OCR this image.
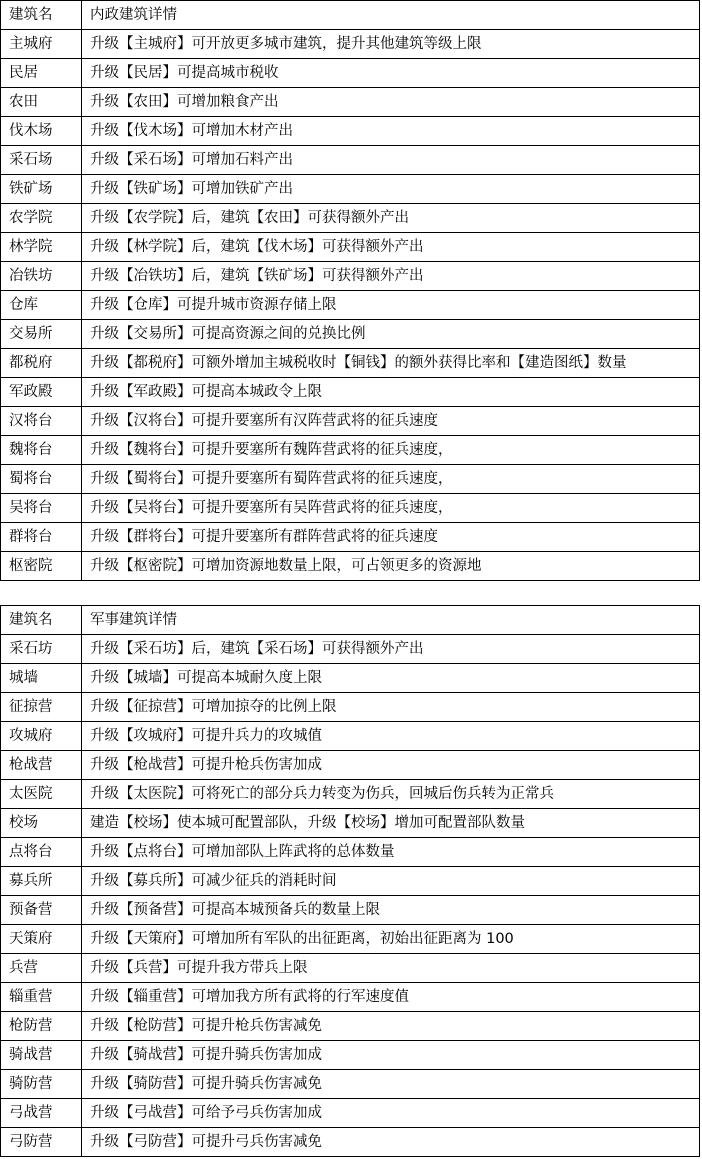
建筑名	内政建筑详情
主城府	升级【主城府】可开放更多城市建筑，提升其他建筑等级上限
民居	升级【民居】可提高城市税收
农田	升级【农田】可增加粮食产出
伐木场	升级【伐木场】可增加木材产出
采石场	升级【采石场】可增加石料产出
铁矿场	升级【铁矿场】可增加铁矿产出
农学院	升级【农学院】后，建筑【农田】可获得额外产出
林学院	升级【林学院】后，建筑【伐木场】可获得额外产出
冶铁坊	升级【冶铁坊】后，建筑【铁矿场】可获得额外产出
仓库	升级【仓库】可提升城市资源存储上限
交易所	升级【交易所】可提高资源之间的兑换比例
都税府	升级【都税府】可额外增加主城税收时【铜钱】的额外获得比率和【建造图纸】数量
军政殿	升级【军政殿】可提高本城政令上限
汉将台	升级【汉将台】可提升要塞所有汉阵营武将的征兵速度
魏将台	升级【魏将台】可提升要塞所有魏阵营武将的征兵速度，
蜀将台	升级【蜀将台】可提升要塞所有蜀阵营武将的征兵速度，
吴将台	升级【吴将台】可提升要塞所有吴阵营武将的征兵速度，
群将台	升级【群将台】可提升要塞所有群阵营武将的征兵速度
枢密院	升级【枢密院】可增加资源地数量上限，可占领更多的资源地
建筑名	军事建筑详情
采石坊	升级【采石坊】后，建筑【采石场】可获得额外产出
城墙	升级【城墙】可提高本城耐久度上限
征掠营	升级【征掠营】可增加掠夺的比例上限
攻城府	升级【攻城府】可提升兵力的攻城值
枪战营	升级【枪战营】可提升枪兵伤害加成
太医院	升级【太医院】可将死亡的部分兵力转变为伤兵，回城后伤兵转为正常兵
校场	建造【校场】使本城可配置部队，升级【校场】增加可配置部队数量
点将台	升级【点将台】可增加部队上阵武将的总体数量
募兵所	升级【募兵所】可减少征兵的消耗时间
预备营	升级【预备营】可提高本城预备兵的数量上限
天策府	升级【天策府】可增加所有军队的出征距离，初始出征距离为 100
兵营	升级【兵营】可提升我方带兵上限
辎重营	升级【辎重营】可增加我方所有武将的行军速度值
枪防营	升级【枪防营】可提升枪兵伤害减免
骑战营	升级【骑战营】可提升骑兵伤害加成
骑防营	升级【骑防营】可提升骑兵伤害减免
弓战营	升级【弓战营】可给予弓兵伤害加成
弓防营	升级【弓防营】可提升弓兵伤害减免
